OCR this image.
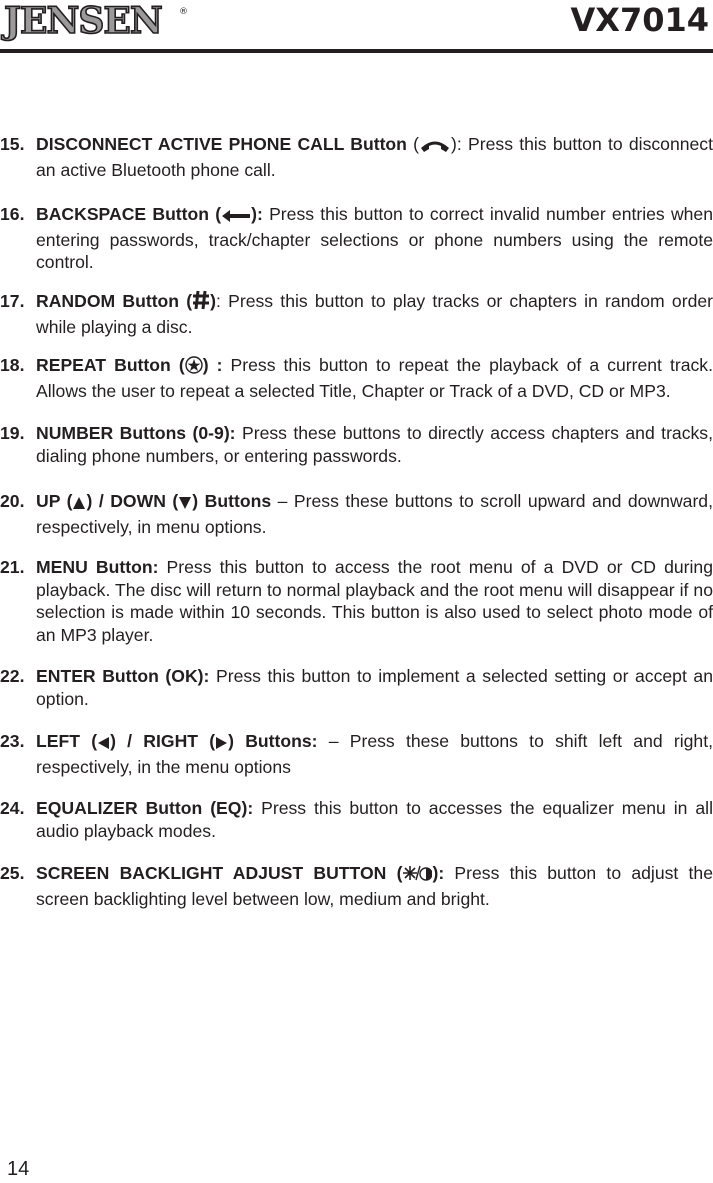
JENSEN ®	VX7014
15. DISCONNECT ACTIVE PHONE CALL Button ( ): Press this button to disconnect an active Bluetooth phone call.
16. BACKSPACE Button ( ): Press this button to correct invalid number entries when entering passwords, track/chapter selections or phone numbers using the remote control.
17. RANDOM Button ( ): Press this button to play tracks or chapters in random order while playing a disc.
18. REPEAT Button ( ) : Press this button to repeat the playback of a current track. Allows the user to repeat a selected Title, Chapter or Track of a DVD, CD or MP3.
19. NUMBER Buttons (0-9): Press these buttons to directly access chapters and tracks, dialing phone numbers, or entering passwords.
20. UP ( ) / DOWN ( ) Buttons – Press these buttons to scroll upward and downward, respectively, in menu options.
21. MENU Button: Press this button to access the root menu of a DVD or CD during playback. The disc will return to normal playback and the root menu will disappear if no selection is made within 10 seconds. This button is also used to select photo mode of an MP3 player.
22. ENTER Button (OK): Press this button to implement a selected setting or accept an option.
23. LEFT ( ) / RIGHT ( ) Buttons: – Press these buttons to shift left and right, respectively, in the menu options
24. EQUALIZER Button (EQ): Press this button to accesses the equalizer menu in all audio playback modes.
25. SCREEN BACKLIGHT ADJUST BUTTON ( ): Press this button to adjust the screen backlighting level between low, medium and bright.
14
